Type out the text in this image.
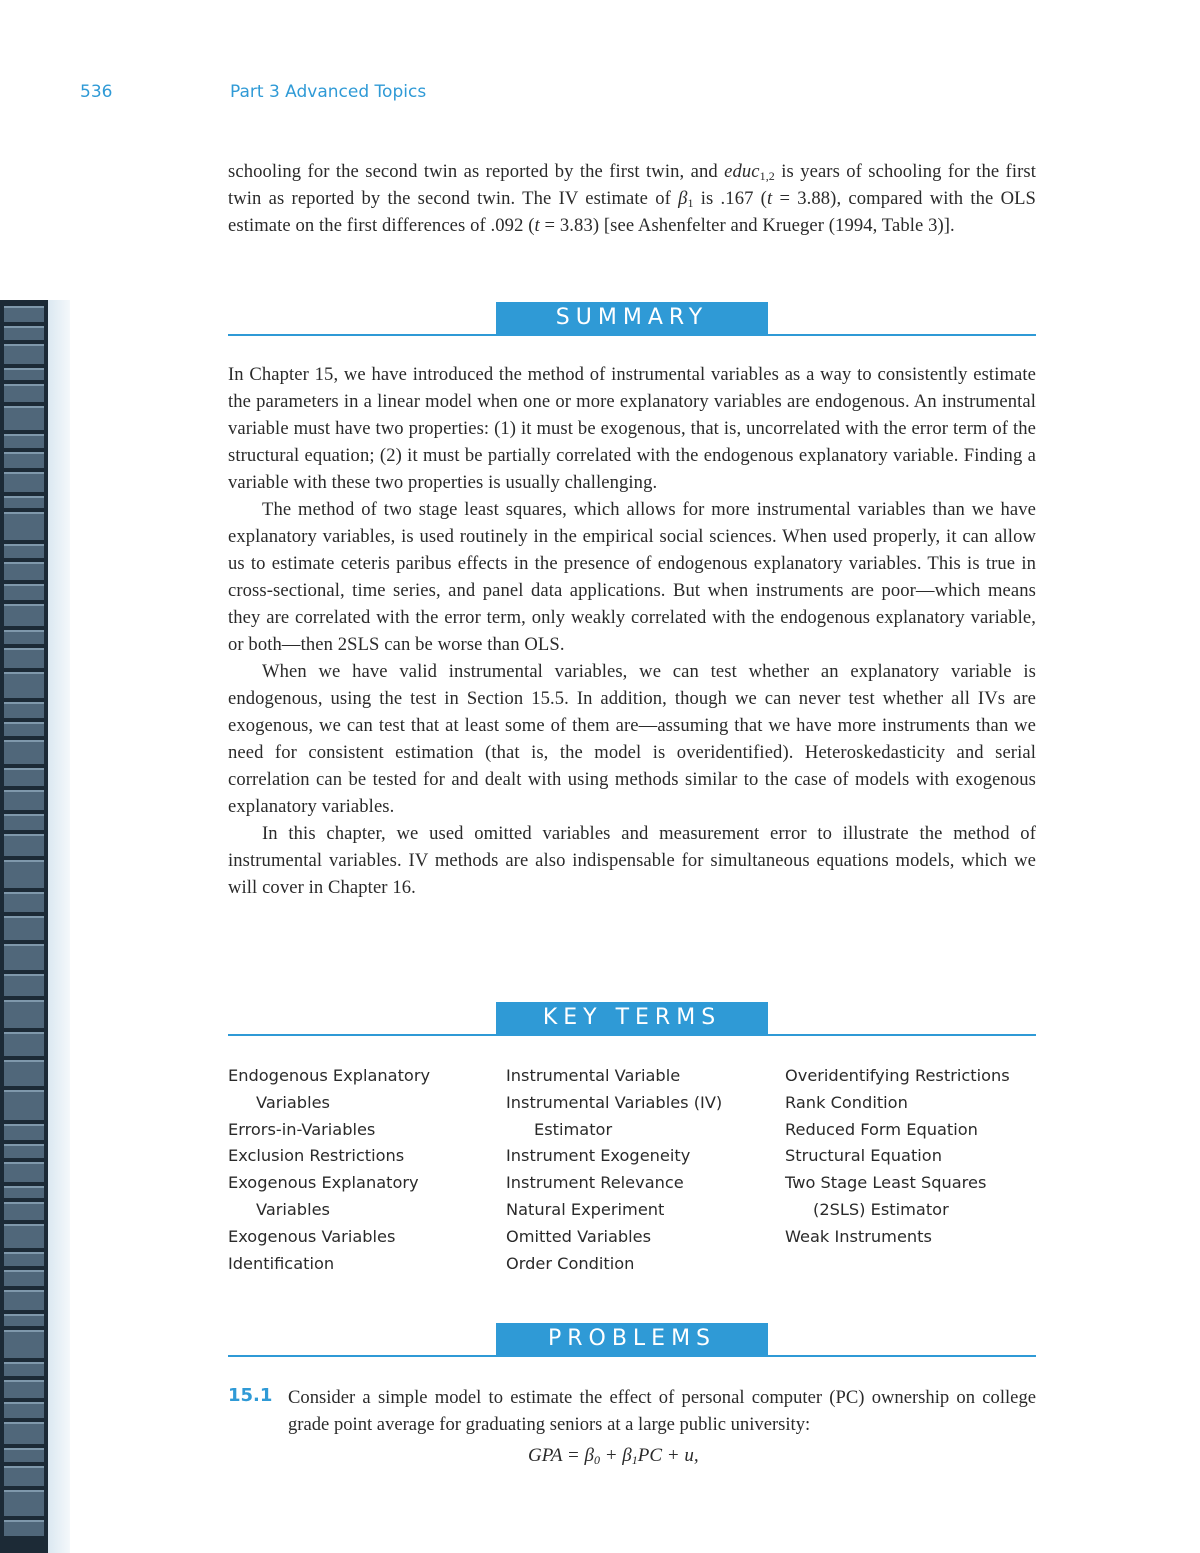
536	Part 3 Advanced Topics

schooling for the second twin as reported by the first twin, and educ$_{1,2}$ is years of schooling for the first twin as reported by the second twin. The IV estimate of $\beta_1$ is .167 (t = 3.88), compared with the OLS estimate on the first differences of .092 (t = 3.83) [see Ashenfelter and Krueger (1994, Table 3)].

SUMMARY

In Chapter 15, we have introduced the method of instrumental variables as a way to consistently estimate the parameters in a linear model when one or more explanatory variables are endogenous. An instrumental variable must have two properties: (1) it must be exogenous, that is, uncorrelated with the error term of the structural equation; (2) it must be partially correlated with the endogenous explanatory variable. Finding a variable with these two properties is usually challenging.

The method of two stage least squares, which allows for more instrumental variables than we have explanatory variables, is used routinely in the empirical social sciences. When used properly, it can allow us to estimate ceteris paribus effects in the presence of endogenous explanatory variables. This is true in cross-sectional, time series, and panel data applications. But when instruments are poor—which means they are correlated with the error term, only weakly correlated with the endogenous explanatory variable, or both—then 2SLS can be worse than OLS.

When we have valid instrumental variables, we can test whether an explanatory variable is endogenous, using the test in Section 15.5. In addition, though we can never test whether all IVs are exogenous, we can test that at least some of them are—assuming that we have more instruments than we need for consistent estimation (that is, the model is overidentified). Heteroskedasticity and serial correlation can be tested for and dealt with using methods similar to the case of models with exogenous explanatory variables.

In this chapter, we used omitted variables and measurement error to illustrate the method of instrumental variables. IV methods are also indispensable for simultaneous equations models, which we will cover in Chapter 16.

KEY TERMS
Endogenous Explanatory
Variables
Errors-in-Variables
Exclusion Restrictions
Exogenous Explanatory
Variables
Exogenous Variables
Identification
Instrumental Variable
Instrumental Variables (IV)
Estimator
Instrument Exogeneity
Instrument Relevance
Natural Experiment
Omitted Variables
Order Condition
Overidentifying Restrictions
Rank Condition
Reduced Form Equation
Structural Equation
Two Stage Least Squares
(2SLS) Estimator
Weak Instruments
PROBLEMS
15.1 Consider a simple model to estimate the effect of personal computer (PC) ownership on college grade point average for graduating seniors at a large public university:
GPA = $\beta_0 + \beta_1PC + u$,
